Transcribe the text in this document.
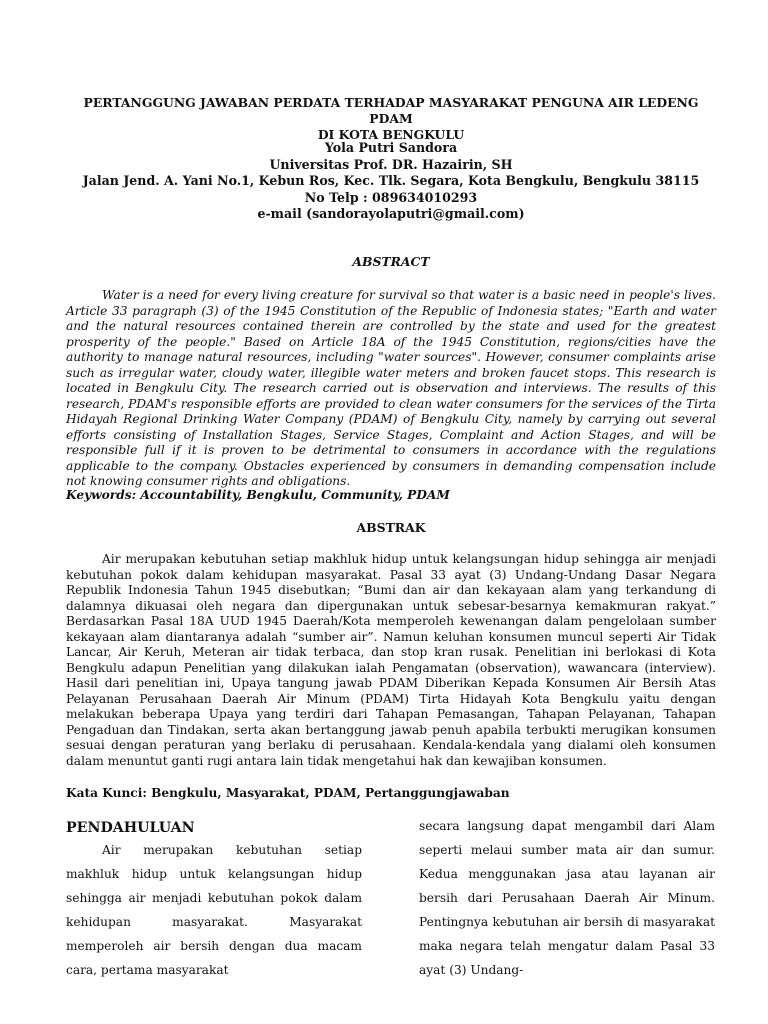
PERTANGGUNG JAWABAN PERDATA TERHADAP MASYARAKAT PENGUNA AIR LEDENG PDAM
DI KOTA BENGKULU
Yola Putri Sandora
Universitas Prof. DR. Hazairin, SH
Jalan Jend. A. Yani No.1, Kebun Ros, Kec. Tlk. Segara, Kota Bengkulu, Bengkulu 38115
No Telp : 089634010293
e-mail (sandorayolaputri@gmail.com)
ABSTRACT

Water is a need for every living creature for survival so that water is a basic need in people's lives. Article 33 paragraph (3) of the 1945 Constitution of the Republic of Indonesia states; "Earth and water and the natural resources contained therein are controlled by the state and used for the greatest prosperity of the people." Based on Article 18A of the 1945 Constitution, regions/cities have the authority to manage natural resources, including "water sources". However, consumer complaints arise such as irregular water, cloudy water, illegible water meters and broken faucet stops. This research is located in Bengkulu City. The research carried out is observation and interviews. The results of this research, PDAM's responsible efforts are provided to clean water consumers for the services of the Tirta Hidayah Regional Drinking Water Company (PDAM) of Bengkulu City, namely by carrying out several efforts consisting of Installation Stages, Service Stages, Complaint and Action Stages, and will be responsible full if it is proven to be detrimental to consumers in accordance with the regulations applicable to the company. Obstacles experienced by consumers in demanding compensation include not knowing consumer rights and obligations.

Keywords: Accountability, Bengkulu, Community, PDAM
ABSTRAK

Air merupakan kebutuhan setiap makhluk hidup untuk kelangsungan hidup sehingga air menjadi kebutuhan pokok dalam kehidupan masyarakat. Pasal 33 ayat (3) Undang-Undang Dasar Negara Republik Indonesia Tahun 1945 disebutkan; “Bumi dan air dan kekayaan alam yang terkandung di dalamnya dikuasai oleh negara dan dipergunakan untuk sebesar-besarnya kemakmuran rakyat.” Berdasarkan Pasal 18A UUD 1945 Daerah/Kota memperoleh kewenangan dalam pengelolaan sumber kekayaan alam diantaranya adalah “sumber air”. Namun keluhan konsumen muncul seperti Air Tidak Lancar, Air Keruh, Meteran air tidak terbaca, dan stop kran rusak. Penelitian ini berlokasi di Kota Bengkulu adapun Penelitian yang dilakukan ialah Pengamatan (observation), wawancara (interview). Hasil dari penelitian ini, Upaya tangung jawab PDAM Diberikan Kepada Konsumen Air Bersih Atas Pelayanan Perusahaan Daerah Air Minum (PDAM) Tirta Hidayah Kota Bengkulu yaitu dengan melakukan beberapa Upaya yang terdiri dari Tahapan Pemasangan, Tahapan Pelayanan, Tahapan Pengaduan dan Tindakan, serta akan bertanggung jawab penuh apabila terbukti merugikan konsumen sesuai dengan peraturan yang berlaku di perusahaan. Kendala-kendala yang dialami oleh konsumen dalam menuntut ganti rugi antara lain tidak mengetahui hak dan kewajiban konsumen.

Kata Kunci: Bengkulu, Masyarakat, PDAM, Pertanggungjawaban
PENDAHULUAN

Air merupakan kebutuhan setiap makhluk hidup untuk kelangsungan hidup sehingga air menjadi kebutuhan pokok dalam kehidupan masyarakat. Masyarakat memperoleh air bersih dengan dua macam cara, pertama masyarakat

secara langsung dapat mengambil dari Alam seperti melaui sumber mata air dan sumur. Kedua menggunakan jasa atau layanan air bersih dari Perusahaan Daerah Air Minum. Pentingnya kebutuhan air bersih di masyarakat maka negara telah mengatur dalam Pasal 33 ayat (3) Undang-
